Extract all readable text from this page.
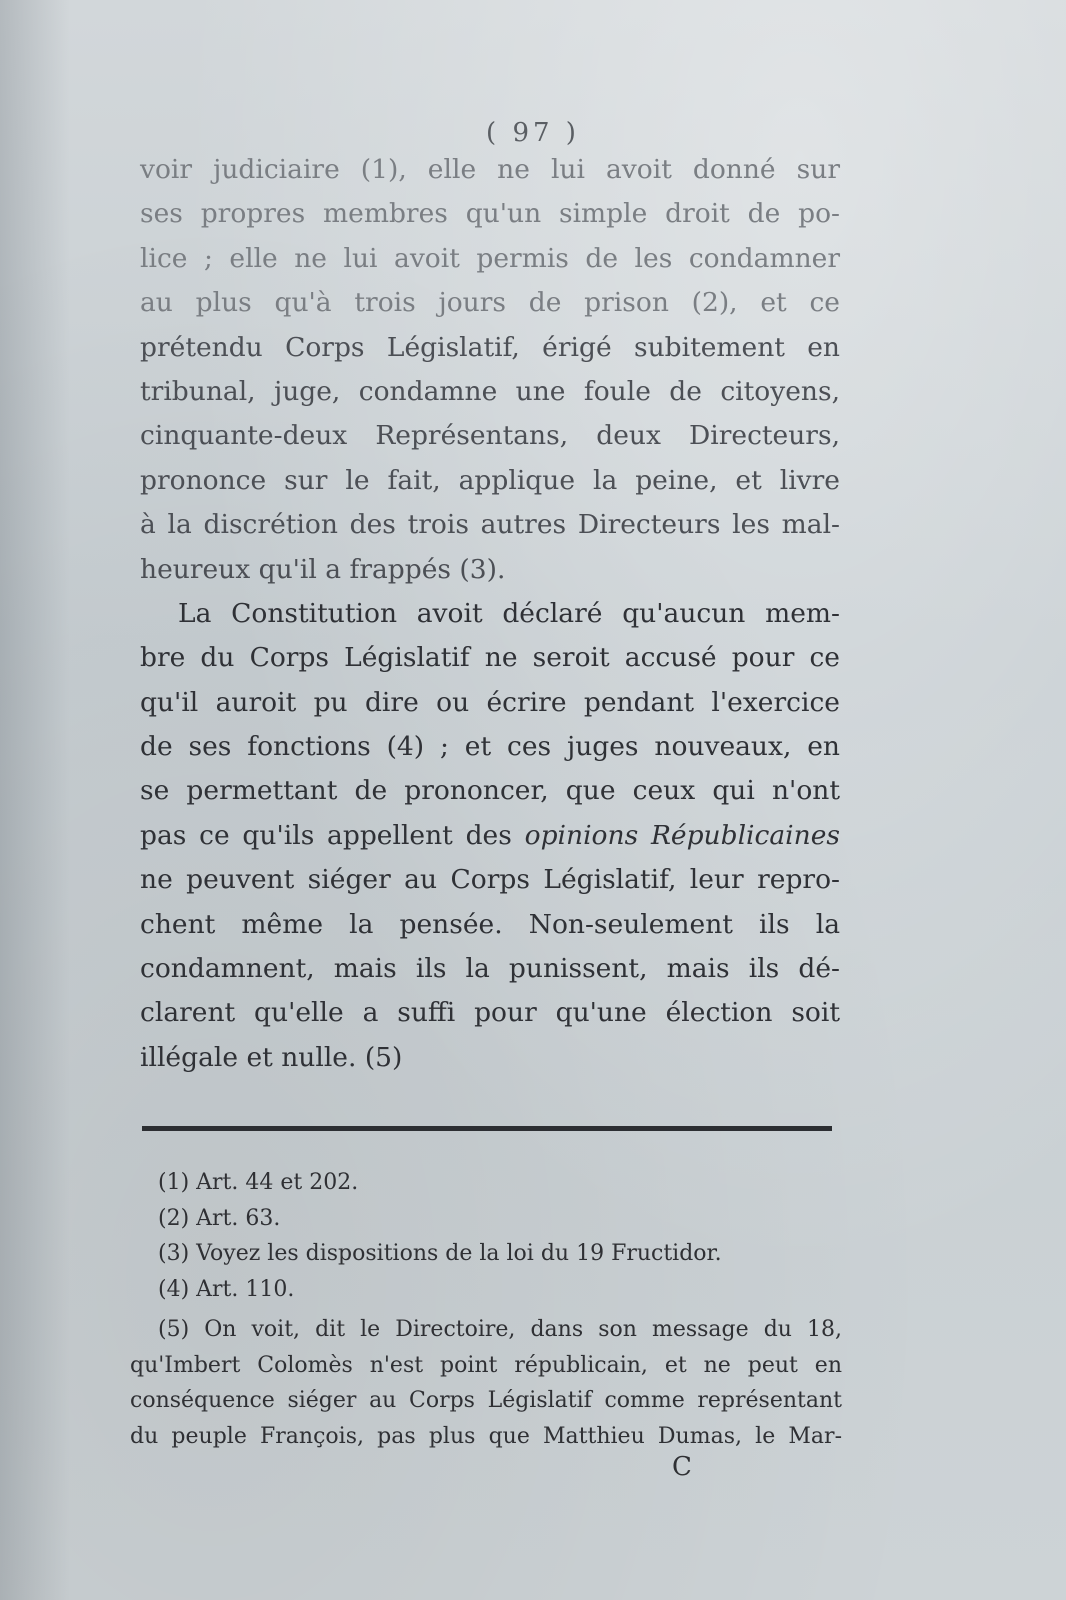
( 97 )
voir judiciaire (1), elle ne lui avoit donné sur
ses propres membres qu'un simple droit de po-
lice ; elle ne lui avoit permis de les condamner
au plus qu'à trois jours de prison (2), et ce
prétendu Corps Législatif, érigé subitement en
tribunal, juge, condamne une foule de citoyens,
cinquante-deux Représentans, deux Directeurs,
prononce sur le fait, applique la peine, et livre
à la discrétion des trois autres Directeurs les mal-
heureux qu'il a frappés (3).
La Constitution avoit déclaré qu'aucun mem-
bre du Corps Législatif ne seroit accusé pour ce
qu'il auroit pu dire ou écrire pendant l'exercice
de ses fonctions (4) ; et ces juges nouveaux, en
se permettant de prononcer, que ceux qui n'ont
pas ce qu'ils appellent des opinions Républicaines
ne peuvent siéger au Corps Législatif, leur repro-
chent même la pensée. Non-seulement ils la
condamnent, mais ils la punissent, mais ils dé-
clarent qu'elle a suffi pour qu'une élection soit
illégale et nulle. (5)
(1) Art. 44 et 202.
(2) Art. 63.
(3) Voyez les dispositions de la loi du 19 Fructidor.
(4) Art. 110.
(5) On voit, dit le Directoire, dans son message du 18,
qu'Imbert Colomès n'est point républicain, et ne peut en
conséquence siéger au Corps Législatif comme représentant
du peuple François, pas plus que Matthieu Dumas, le Mar-
C
